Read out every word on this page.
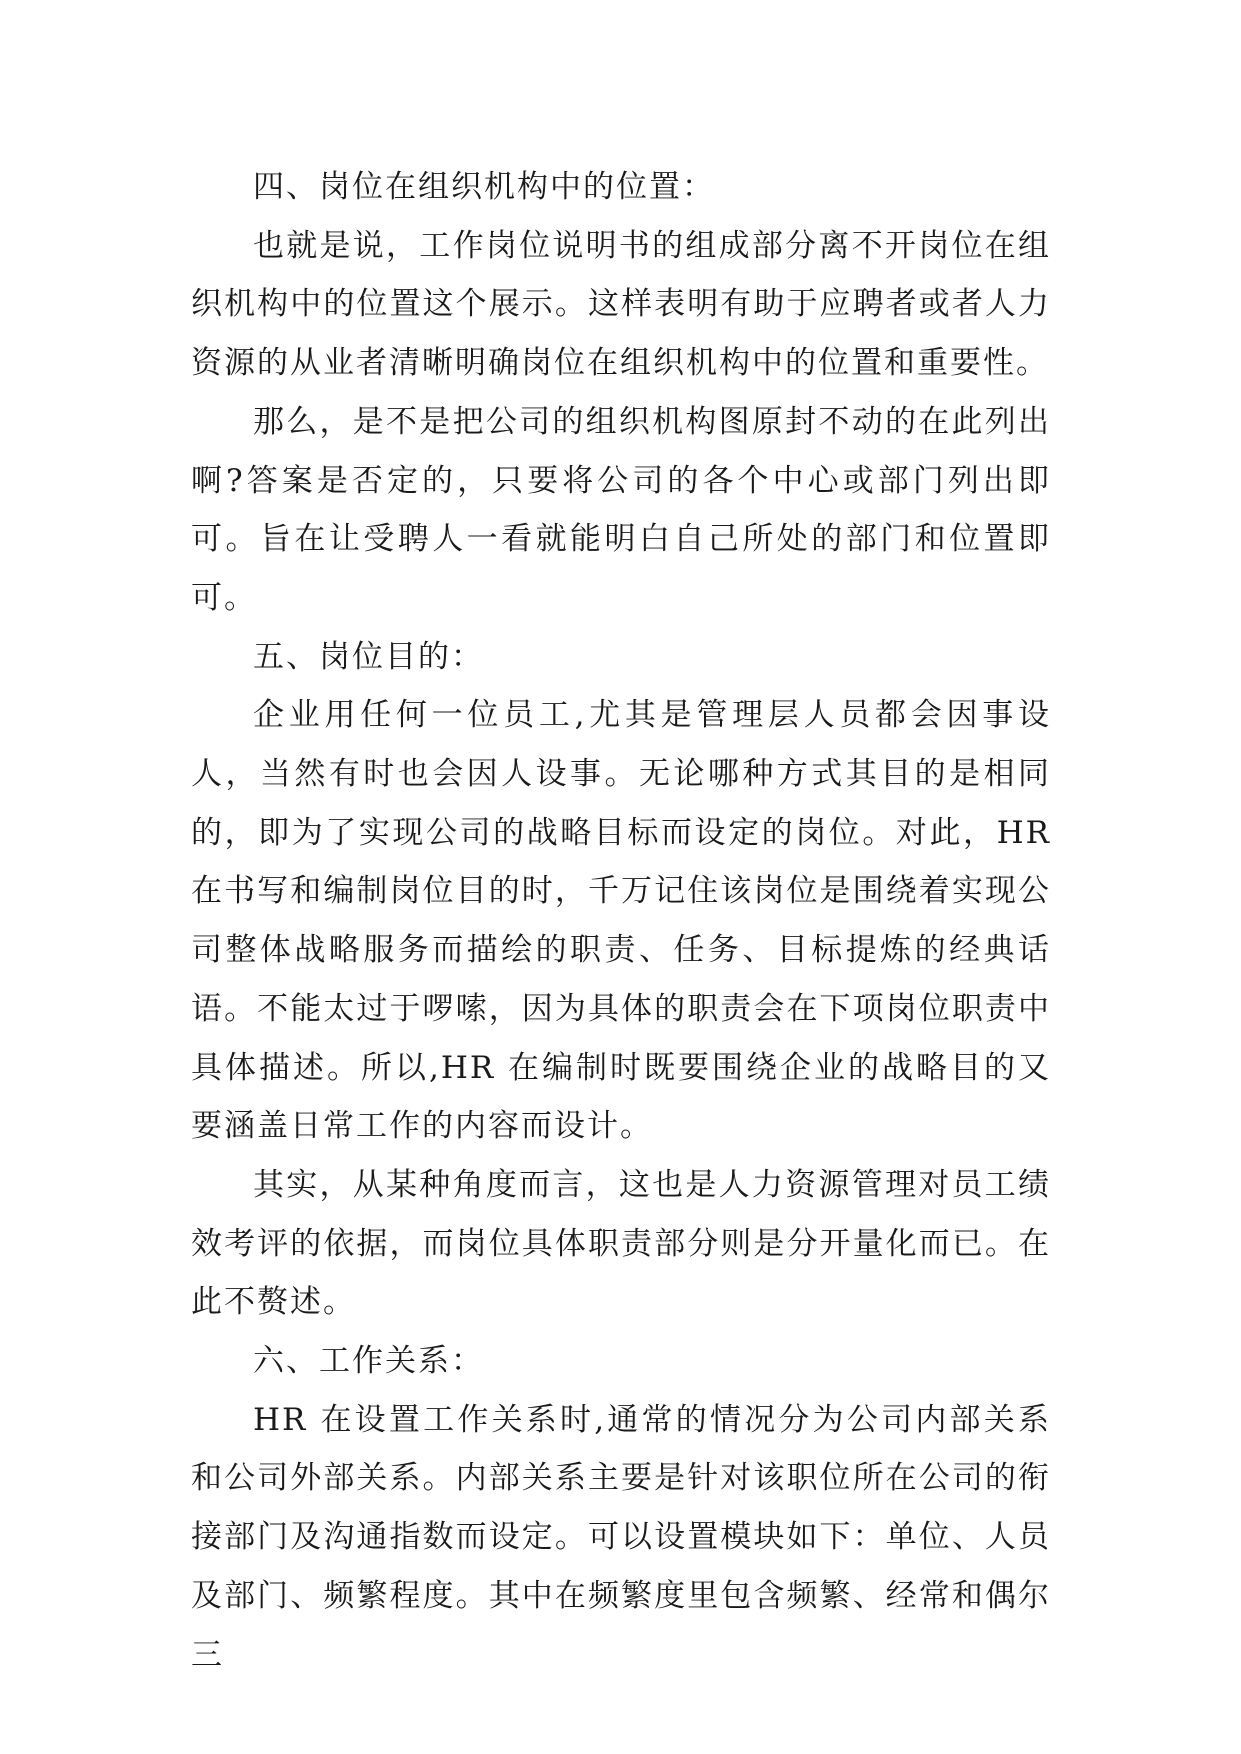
四、岗位在组织机构中的位置：

也就是说，工作岗位说明书的组成部分离不开岗位在组织机构中的位置这个展示。这样表明有助于应聘者或者人力资源的从业者清晰明确岗位在组织机构中的位置和重要性。

那么，是不是把公司的组织机构图原封不动的在此列出啊?答案是否定的，只要将公司的各个中心或部门列出即可。旨在让受聘人一看就能明白自己所处的部门和位置即可。

五、岗位目的：

企业用任何一位员工,尤其是管理层人员都会因事设人，当然有时也会因人设事。无论哪种方式其目的是相同的，即为了实现公司的战略目标而设定的岗位。对此，HR 在书写和编制岗位目的时，千万记住该岗位是围绕着实现公司整体战略服务而描绘的职责、任务、目标提炼的经典话语。不能太过于啰嗦，因为具体的职责会在下项岗位职责中具体描述。所以,HR 在编制时既要围绕企业的战略目的又要涵盖日常工作的内容而设计。

其实，从某种角度而言，这也是人力资源管理对员工绩效考评的依据，而岗位具体职责部分则是分开量化而已。在此不赘述。

六、工作关系：

HR 在设置工作关系时,通常的情况分为公司内部关系和公司外部关系。内部关系主要是针对该职位所在公司的衔接部门及沟通指数而设定。可以设置模块如下：单位、人员及部门、频繁程度。其中在频繁度里包含频繁、经常和偶尔三
